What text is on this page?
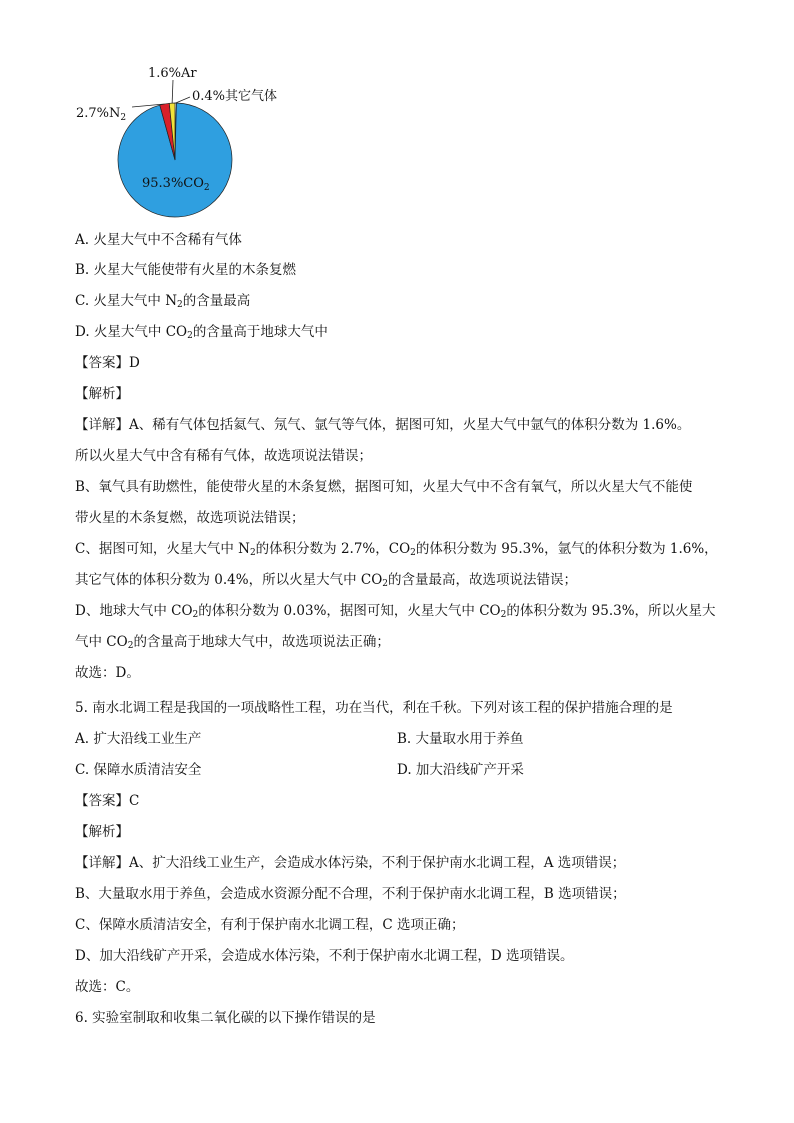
1.6%Ar
0.4%其它气体
$2.7\%N_2$
$95.3\%CO_2$
A. 火星大气中不含稀有气体
B. 火星大气能使带有火星的木条复燃
C. 火星大气中 $N_2$的含量最高
D. 火星大气中 $CO_2$的含量高于地球大气中
【答案】D
【解析】
【详解】A、稀有气体包括氦气、氖气、氩气等气体，据图可知，火星大气中氩气的体积分数为 1.6%。
所以火星大气中含有稀有气体，故选项说法错误；
B、氧气具有助燃性，能使带火星的木条复燃，据图可知，火星大气中不含有氧气，所以火星大气不能使
带火星的木条复燃，故选项说法错误；
C、据图可知，火星大气中 $N_2$的体积分数为 2.7%，$CO_2$的体积分数为 95.3%，氩气的体积分数为 1.6%，
其它气体的体积分数为 0.4%，所以火星大气中 $CO_2$的含量最高，故选项说法错误；
D、地球大气中 $CO_2$的体积分数为 0.03%，据图可知，火星大气中 $CO_2$的体积分数为 95.3%，所以火星大
气中 $CO_2$的含量高于地球大气中，故选项说法正确；
故选：D。
5. 南水北调工程是我国的一项战略性工程，功在当代，利在千秋。下列对该工程的保护措施合理的是
A. 扩大沿线工业生产	B. 大量取水用于养鱼
C. 保障水质清洁安全	D. 加大沿线矿产开采
【答案】C
【解析】
【详解】A、扩大沿线工业生产，会造成水体污染，不利于保护南水北调工程，A 选项错误；
B、大量取水用于养鱼，会造成水资源分配不合理，不利于保护南水北调工程，B 选项错误；
C、保障水质清洁安全，有利于保护南水北调工程，C 选项正确；
D、加大沿线矿产开采，会造成水体污染，不利于保护南水北调工程，D 选项错误。
故选：C。
6. 实验室制取和收集二氧化碳的以下操作错误的是
